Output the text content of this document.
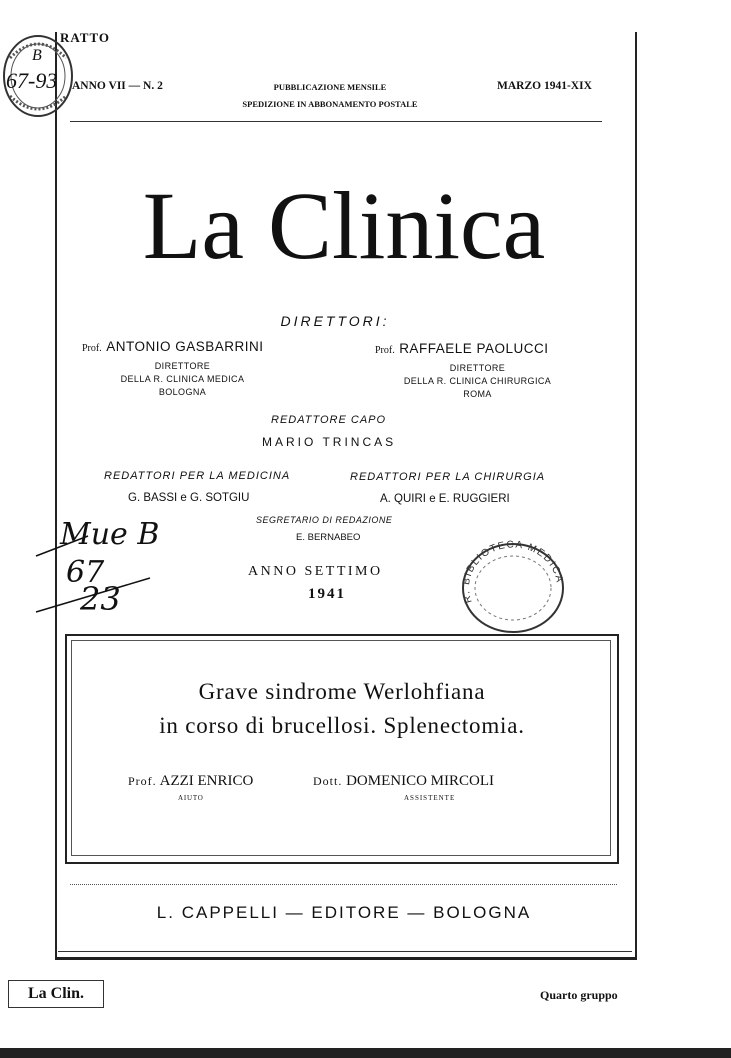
RATTO
ANNO VII — N. 2	PUBBLICAZIONE MENSILE
SPEDIZIONE IN ABBONAMENTO POSTALE
MARZO 1941-XIX
La Clinica
DIRETTORI:
Prof. ANTONIO GASBARRINI	Prof. RAFFAELE PAOLUCCI
DIRETTORE
DELLA R. CLINICA MEDICA
BOLOGNA
DIRETTORE
DELLA R. CLINICA CHIRURGICA
ROMA
REDATTORE CAPO
MARIO TRINCAS
REDATTORI PER LA MEDICINA	REDATTORI PER LA CHIRURGIA
G. BASSI e G. SOTGIU	A. QUIRI e E. RUGGIERI
SEGRETARIO DI REDAZIONE
E. BERNABEO
ANNO SETTIMO
1941
Grave sindrome Werlohfiana
in corso di brucellosi. Splenectomia.
Prof. AZZI ENRICO
AIUTO
Dott. DOMENICO MIRCOLI
ASSISTENTE
L. CAPPELLI — EDITORE — BOLOGNA
La Clin.	Quarto gruppo
B
67-93
Mue B
67
23	R. BIBLIOTECA MEDICA
